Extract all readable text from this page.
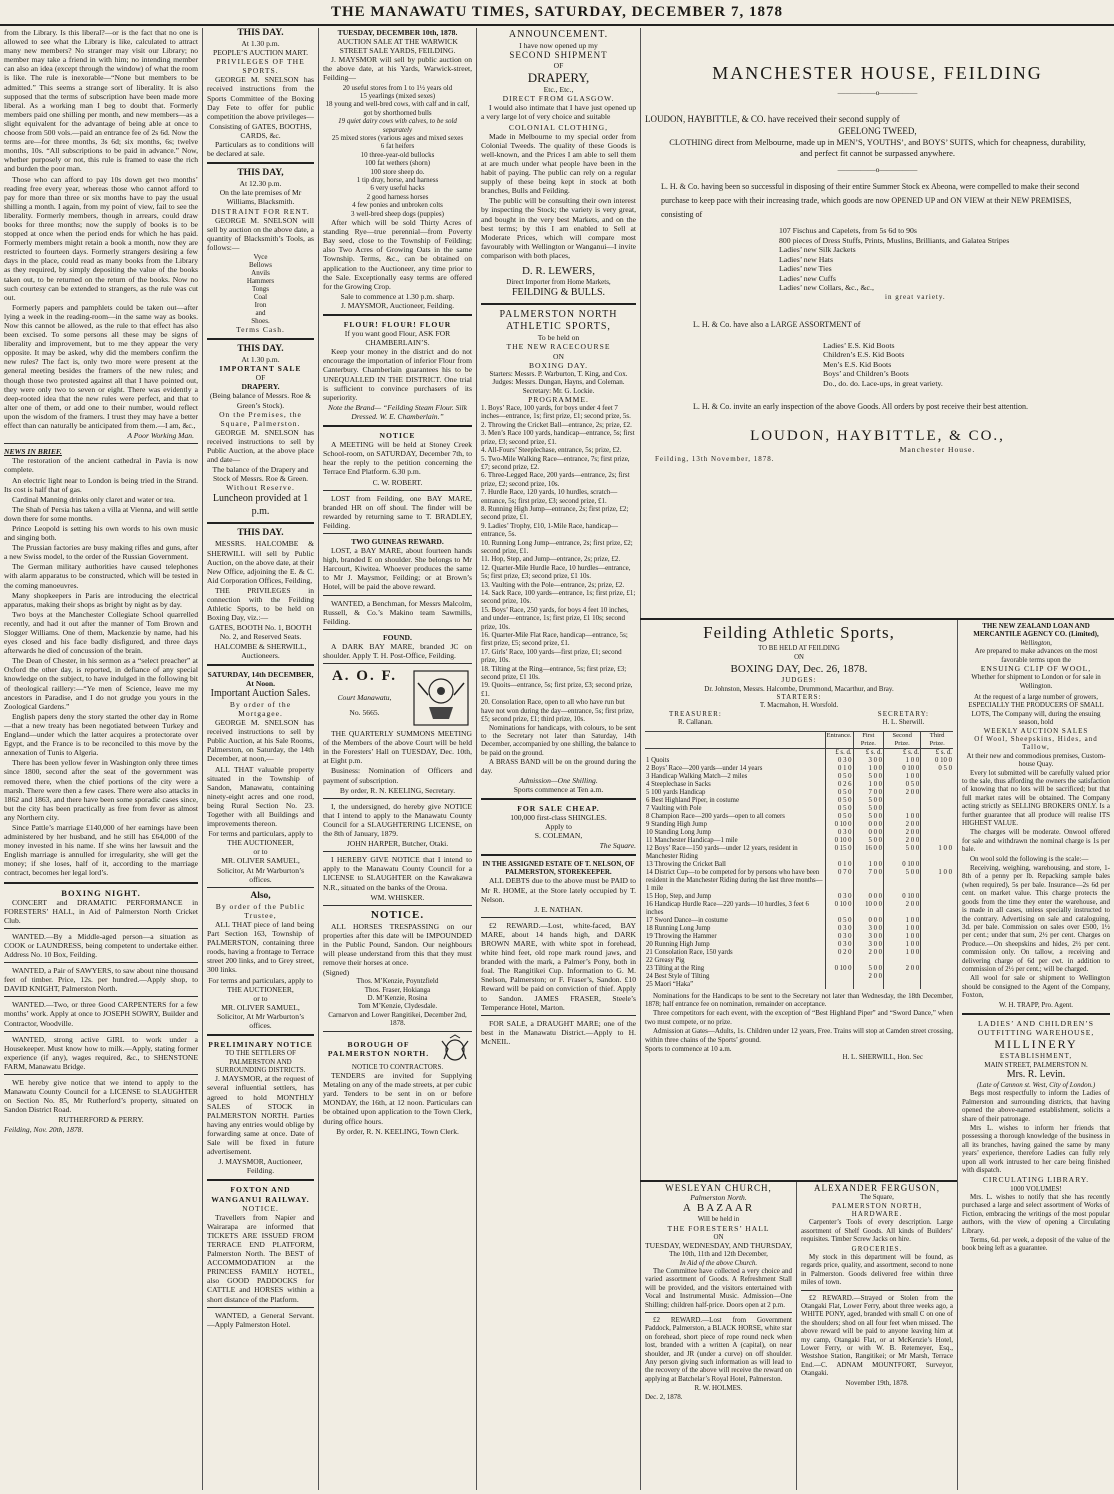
THE MANAWATU TIMES, SATURDAY, DECEMBER 7, 1878
from the Library. Is this liberal?—or is the fact that no one is allowed to see what the Library is like, calculated to attract many new members? No stranger may visit our Library; no member may take a friend in with him; no intending member can also an idea (except through the window) of what the room is like. The rule is inexorable—“None but members to be admitted.” This seems a strange sort of liberality. It is also supposed that the terms of subscription have been made more liberal. As a working man I beg to doubt that. Formerly members paid one shilling per month, and new members—as a slight equivalent for the advantage of being able at once to choose from 500 vols.—paid an entrance fee of 2s 6d. Now the terms are—for three months, 3s 6d; six months, 6s; twelve months, 10s. “All subscriptions to be paid in advance.” Now, whether purposely or not, this rule is framed to ease the rich and burden the poor man.
Those who can afford to pay 10s down get two months’ reading free every year, whereas those who cannot afford to pay for more than three or six months have to pay the usual shilling a month. I again, from my point of view, fail to see the liberality. Formerly members, though in arrears, could draw books for three months; now the supply of books is to be stopped at once when the period ends for which he has paid. Formerly members might retain a book a month, now they are restricted to fourteen days. Formerly strangers desiring a few days in the place, could read as many books from the Library as they required, by simply depositing the value of the books taken out, to be returned on the return of the books. Now no such courtesy can be extended to strangers, as the rule was cut out.
Formerly papers and pamphlets could be taken out—after lying a week in the reading-room—in the same way as books. Now this cannot be allowed, as the rule to that effect has also been excised. To some persons all these may be signs of liberality and improvement, but to me they appear the very opposite. It may be asked, why did the members confirm the new rules? The fact is, only two more were present at the general meeting besides the framers of the new rules; and though those two protested against all that I have pointed out, they were only two to seven or eight. There was evidently a deep-rooted idea that the new rules were perfect, and that to alter one of them, or add one to their number, would reflect upon the wisdom of the framers. I trust they may have a better effect than can naturally be anticipated from them.—I am, &c.,
A Poor Working Man.
NEWS IN BRIEF.
The restoration of the ancient cathedral in Pavia is now complete.
An electric light near to London is being tried in the Strand. Its cost is half that of gas.
Cardinal Manning drinks only claret and water or tea.
The Shah of Persia has taken a villa at Vienna, and will settle down there for some months.
Prince Leopold is setting his own words to his own music and singing both.
The Prussian factories are busy making rifles and guns, after a new Swiss model, to the order of the Russian Government.
The German military authorities have caused telephones with alarm apparatus to be constructed, which will be tested in the coming manoeuvres.
Many shopkeepers in Paris are introducing the electrical apparatus, making their shops as bright by night as by day.
Two boys at the Manchester Collegiate School quarrelled recently, and had it out after the manner of Tom Brown and Slogger Williams. One of them, Mackenzie by name, had his eyes closed and his face badly disfigured, and three days afterwards he died of concussion of the brain.
The Dean of Chester, in his sermon as a “select preacher” at Oxford the other day, is reported, in defiance of any special knowledge on the subject, to have indulged in the following bit of theological raillery:—“Ye men of Science, leave me my ancestors in Paradise, and I do not grudge you yours in the Zoological Gardens.”
English papers deny the story started the other day in Rome—that a new treaty has been negotiated between Turkey and England—under which the latter acquires a protectorate over Egypt, and the France is to be reconciled to this move by the annexation of Tunis to Algeria.
There has been yellow fever in Washington only three times since 1800, second after the seat of the government was removed there, when the chief portions of the city were a marsh. There were then a few cases. There were also attacks in 1862 and 1863, and there have been some sporadic cases since, but the city has been practically as free from fever as almost any Northern city.
Since Pattle’s marriage £140,000 of her earnings have been administered by her husband, and he still has £64,000 of the money invested in his name. If she wins her lawsuit and the English marriage is annulled for irregularity, she will get the money; if she loses, half of it, according to the marriage contract, becomes her legal lord’s.
BOXING NIGHT.
CONCERT and DRAMATIC PERFORMANCE in FORESTERS’ HALL, in Aid of Palmerston North Cricket Club.
WANTED.—By a Middle-aged person—a situation as COOK or LAUNDRESS, being competent to undertake either. Address No. 10 Box, Feilding.
WANTED, a Pair of SAWYERS, to saw about nine thousand feet of timber. Price, 12s. per hundred.—Apply shop, to DAVID KNIGHT, Palmerston North.
WANTED.—Two, or three Good CARPENTERS for a few months’ work. Apply at once to JOSEPH SOWRY, Builder and Contractor, Woodville.
WANTED, strong active GIRL to work under a Housekeeper. Must know how to milk.—Apply, stating former experience (if any), wages required, &c., to SHENSTONE FARM, Manawatu Bridge.
WE hereby give notice that we intend to apply to the Manawatu County Council for a LICENSE to SLAUGHTER on Section No. 85, Mr Rutherford’s property, situated on Sandon District Road.
RUTHERFORD & PERRY.
Feilding, Nov. 20th, 1878.
THIS DAY.
At 1.30 p.m.
PEOPLE’S AUCTION MART.
PRIVILEGES OF THE SPORTS.
GEORGE M. SNELSON has received instructions from the Sports Committee of the Boxing Day Fete to offer for public competition the above privileges—
Consisting of GATES, BOOTHS, CARDS, &c.
Particulars as to conditions will be declared at sale.
THIS DAY,
At 12.30 p.m.
On the late premises of Mr Williams, Blacksmith.
DISTRAINT FOR RENT.
GEORGE M. SNELSON will sell by auction on the above date, a quantity of Blacksmith’s Tools, as follows:—
Vyce
Bellows
Anvils
Hammers
Tongs
Coal
Iron
and
Shoes.
Terms Cash.
THIS DAY.
At 1.30 p.m.
IMPORTANT SALE
OF
DRAPERY.
(Being balance of Messrs. Roe & Green’s Stock).
On the Premises, the Square, Palmerston.
GEORGE M. SNELSON has received instructions to sell by Public Auction, at the above place and date—
The balance of the Drapery and Stock of Messrs. Roe & Green.
Without Reserve.
Luncheon provided at 1 p.m.
THIS DAY.
MESSRS. HALCOMBE & SHERWILL will sell by Public Auction, on the above date, at their New Office, adjoining the E. & C. Aid Corporation Offices, Feilding,
THE PRIVILEGES in connection with the Feilding Athletic Sports, to be held on Boxing Day, viz.:—
GATES, BOOTH No. 1, BOOTH No. 2, and Reserved Seats.
HALCOMBE & SHERWILL, Auctioneers.
SATURDAY, 14th DECEMBER, At Noon.
Important Auction Sales.
By order of the Mortgagee.
GEORGE M. SNELSON has received instructions to sell by Public Auction, at his Sale Rooms, Palmerston, on Saturday, the 14th December, at noon,—
ALL THAT valuable property situated in the Township of Sandon, Manawatu, containing ninety-eight acres and one rood, being Rural Section No. 23. Together with all Buildings and improvements thereon.
For terms and particulars, apply to THE AUCTIONEER,
or to
MR. OLIVER SAMUEL, Solicitor, At Mr Warburton’s offices.
Also,
By order of the Public Trustee,
ALL THAT piece of land being Part Section 163, Township of PALMERSTON, containing three roods, having a frontage to Terrace street 200 links, and to Grey street, 300 links.
For terms and particulars, apply to THE AUCTIONEER,
or to
MR. OLIVER SAMUEL, Solicitor, At Mr Warburton’s offices.
PRELIMINARY NOTICE
TO THE SETTLERS OF PALMERSTON AND SURROUNDING DISTRICTS.
J. MAYSMOR, at the request of several influential settlers, has agreed to hold MONTHLY SALES of STOCK in PALMERSTON NORTH. Parties having any entries would oblige by forwarding same at once. Date of Sale will be fixed in future advertisement.
J. MAYSMOR, Auctioneer, Feilding.
FOXTON AND WANGANUI RAILWAY.
NOTICE.
Travellers from Napier and Wairarapa are informed that TICKETS ARE ISSUED FROM TERRACE END PLATFORM, Palmerston North. The BEST of ACCOMMODATION at the PRINCESS FAMILY HOTEL, also GOOD PADDOCKS for CATTLE and HORSES within a short distance of the Platform.
WANTED, a General Servant.—Apply Palmerston Hotel.
TUESDAY, DECEMBER 10th, 1878.
AUCTION SALE AT THE WARWICK STREET SALE YARDS, FEILDING.
J. MAYSMOR will sell by public auction on the above date, at his Yards, Warwick-street, Feilding—
20 useful stores from 1 to 1½ years old
15 yearlings (mixed sexes)
18 young and well-bred cows, with calf and in calf, got by shorthorned bulls
19 quiet dairy cows with calves, to be sold separately
25 mixed stores (various ages and mixed sexes
6 fat heifers
10 three-year-old bullocks
100 fat wethers (shorn)
100 store sheep do.
1 tip dray, horse, and harness
6 very useful hacks
2 good harness horses
4 few ponies and unbroken colts
3 well-bred sheep dogs (puppies)
After which will be sold Thirty Acres of standing Rye—true perennial—from Poverty Bay seed, close to the Township of Feilding; also Two Acres of Growing Oats in the same Township. Terms, &c., can be obtained on application to the Auctioneer, any time prior to the Sale. Exceptionally easy terms are offered for the Growing Crop.
Sale to commence at 1.30 p.m. sharp.
J. MAYSMOR, Auctioneer, Feilding.
FLOUR! FLOUR! FLOUR
If you want good Flour, ASK FOR CHAMBERLAIN’S.
Keep your money in the district and do not encourage the importation of inferior Flour from Canterbury. Chamberlain guarantees his to be UNEQUALLED IN THE DISTRICT. One trial is sufficient to convince purchasers of its superiority.
Note the Brand— “Feilding Steam Flour. Silk Dressed. W. E. Chamberlain.”
NOTICE
A MEETING will be held at Stoney Creek School-room, on SATURDAY, December 7th, to hear the reply to the petition concerning the Terrace End Platform. 6.30 p.m.
C. W. ROBERT.
LOST from Feilding, one BAY MARE, branded HR on off shoul. The finder will be rewarded by returning same to T. BRADLEY, Feilding.
TWO GUINEAS REWARD.
LOST, a BAY MARE, about fourteen hands high, branded E on shoulder. She belongs to Mr Harcourt, Kiwitea. Whoever produces the same to Mr J. Maysmor, Feilding; or at Brown’s Hotel, will be paid the above reward.
WANTED, a Benchman, for Messrs Malcolm, Russell, & Co.’s Makino team Sawmills, Feilding.
FOUND.
A DARK BAY MARE, branded JC on shoulder. Apply T. H. Post-Office, Feilding.
A. O. F.
Court Manawatu,
No. 5665.
THE QUARTERLY SUMMONS MEETING of the Members of the above Court will be held in the Foresters’ Hall on TUESDAY, Dec. 10th, at Eight p.m.
Business: Nomination of Officers and payment of subscription.
By order, R. N. KEELING, Secretary.
I, the undersigned, do hereby give NOTICE that I intend to apply to the Manawatu County Council for a SLAUGHTERING LICENSE, on the 8th of January, 1879.
JOHN HARPER, Butcher, Otaki.
I HEREBY GIVE NOTICE that I intend to apply to the Manawatu County Council for a LICENSE to SLAUGHTER on the Kawakawa N.R., situated on the banks of the Oroua.
WM. WHISKER.
NOTICE.
ALL HORSES TRESPASSING on our properties after this date will be IMPOUNDED in the Public Pound, Sandon. Our neighbours will please understand from this that they must remove their horses at once.
(Signed)
Thos. M’Kenzie, Poyntzfield
Thos. Fraser, Hokianga
D. M’Kenzie, Rosina
Tom M’Kenzie, Clydesdale.
Carnarvon and Lower Rangitikei, December 2nd, 1878.
BOROUGH OF PALMERSTON NORTH.
NOTICE TO CONTRACTORS.
TENDERS are invited for Supplying Metaling on any of the made streets, at per cubic yard. Tenders to be sent in on or before MONDAY, the 16th, at 12 noon. Particulars can be obtained upon application to the Town Clerk, during office hours.
By order, R. N. KEELING, Town Clerk.
ANNOUNCEMENT.
I have now opened up my
SECOND SHIPMENT
OF
DRAPERY,
Etc., Etc.,
DIRECT FROM GLASGOW.
I would also intimate that I have just opened up a very large lot of very choice and suitable
COLONIAL CLOTHING,
Made in Melbourne to my special order from Colonial Tweeds. The quality of these Goods is well-known, and the Prices I am able to sell them at are much under what people have been in the habit of paying. The public can rely on a regular supply of these being kept in stock at both branches, Bulls and Feilding.
The public will be consulting their own interest by inspecting the Stock; the variety is very great, and bought in the very best Markets, and on the best terms; by this I am enabled to Sell at Moderate Prices, which will compare most favourably with Wellington or Wanganui—I invite comparison with both places,
D. R. LEWERS,
Direct Importer from Home Markets,
FEILDING & BULLS.
PALMERSTON NORTH ATHLETIC SPORTS,
To be held on
THE NEW RACECOURSE
ON
BOXING DAY.
Starters: Messrs. P. Warburton, T. King, and Cox.
Judges: Messrs. Dungan, Hayns, and Coleman.
Secretary: Mr. G. Lockie.
PROGRAMME.
1. Boys’ Race, 100 yards, for boys under 4 feet 7 inches—entrance, 1s; first prize, £1; second prize, 5s.
2. Throwing the Cricket Ball—entrance, 2s; prize, £2.
3. Men’s Race 100 yards, handicap—entrance, 5s; first prize, £3; second prize, £1.
4. All-Fours’ Steeplechase, entrance, 5s; prize, £2.
5. Two-Mile Walking Race—entrance, 7s; first prize, £7; second prize, £2.
6. Three-Legged Race, 200 yards—entrance, 2s; first prize, £2; second prize, 10s.
7. Hurdle Race, 120 yards, 10 hurdles, scratch—entrance, 5s; first prize, £3; second prize, £1.
8. Running High Jump—entrance, 2s; first prize, £2; second prize, £1.
9. Ladies’ Trophy, £10, 1-Mile Race, handicap—entrance, 5s.
10. Running Long Jump—entrance, 2s; first prize, £2; second prize, £1.
11. Hop, Step, and Jump—entrance, 2s; prize, £2.
12. Quarter-Mile Hurdle Race, 10 hurdles—entrance, 5s; first prize, £3; second prize, £1 10s.
13. Vaulting with the Pole—entrance, 2s; prize, £2.
14. Sack Race, 100 yards—entrance, 1s; first prize, £1; second prize, 10s.
15. Boys’ Race, 250 yards, for boys 4 feet 10 inches, and under—entrance, 1s; first prize, £1 10s; second prize, 10s.
16. Quarter-Mile Flat Race, handicap—entrance, 5s; first prize, £5; second prize, £1.
17. Girls’ Race, 100 yards—first prize, £1; second prize, 10s.
18. Tilting at the Ring—entrance, 5s; first prize, £3; second prize, £1 10s.
19. Quoits—entrance, 5s; first prize, £3; second prize, £1.
20. Consolation Race, open to all who have run but have not won during the day—entrance, 5s; first prize, £5; second prize, £1; third prize, 10s.
Nominations for handicaps, with colours, to be sent to the Secretary not later than Saturday, 14th December, accompanied by one shilling, the balance to be paid on the ground.
A BRASS BAND will be on the ground during the day.
Admission—One Shilling.
Sports commence at Ten a.m.
FOR SALE CHEAP.
100,000 first-class SHINGLES.
Apply to
S. COLEMAN,
The Square.
IN THE ASSIGNED ESTATE OF T. NELSON, OF PALMERSTON, STOREKEEPER.
ALL DEBTS due to the above must be PAID to Mr R. HOME, at the Store lately occupied by T. Nelson.
J. E. NATHAN.
£2 REWARD.—Lost, white-faced, BAY MARE, about 14 hands high, and DARK BROWN MARE, with white spot in forehead, white hind feet, old rope mark round jaws, and branded with the mark, a Palmer’s Pony, both in foal. The Rangitikei Cup. Information to G. M. Snelson, Palmerston; or F. Fraser’s, Sandon. £10 Reward will be paid on conviction of thief. Apply to Sandon. JAMES FRASER, Steele’s Temperance Hotel, Marton.
FOR SALE, a DRAUGHT MARE; one of the best in the Manawatu District.—Apply to H. McNEIL.
MANCHESTER HOUSE, FEILDING
—————o—————
LOUDON, HAYBITTLE, & CO. have received their second supply of
GEELONG TWEED,
CLOTHING direct from Melbourne, made up in MEN’S, YOUTHS’, and BOYS’ SUITS, which for cheapness, durability, and perfect fit cannot be surpassed anywhere.
—————o—————
L. H. & Co. having been so successful in disposing of their entire Summer Stock ex Abeona, were compelled to make their second purchase to keep pace with their increasing trade, which goods are now OPENED UP and ON VIEW at their NEW PREMISES, consisting of
107 Fischus and Capelets, from 5s 6d to 90s
800 pieces of Dress Stuffs, Prints, Muslins, Brilliants, and Galatea Stripes
Ladies’ new Silk Jackets
Ladies’ new Hats
Ladies’ new Ties
Ladies’ new Cuffs
Ladies’ new Collars, &c., &c.,
in great variety.
L. H. & Co. have also a LARGE ASSORTMENT of
Ladies’ E.S. Kid Boots
Children’s E.S. Kid Boots
Men’s E.S. Kid Boots
Boys’ and Children’s Boots
Do., do. do. Lace-ups, in great variety.
L. H. & Co. invite an early inspection of the above Goods. All orders by post receive their best attention.
LOUDON, HAYBITTLE, & CO.,
Manchester House.
Feilding, 13th November, 1878.
Feilding Athletic Sports,
TO BE HELD AT FEILDING
ON
BOXING DAY, Dec. 26, 1878.
JUDGES:
Dr. Johnston, Messrs. Halcombe, Drummond, Macarthur, and Bray.
STARTERS:
T. Macmahon, H. Worsfold.
TREASURER:
R. Callanan.
SECRETARY:
H. L. Sherwill.
	Entrance.	First Prize.	Second Prize.	Third Prize.
	£ s. d.	£ s. d.	£ s. d.	£ s. d.
1 Quoits	0 3 0	3 0 0	1 0 0	0 10 0
2 Boys’ Race—200 yards—under 14 years	0 1 0	1 0 0	0 10 0	0 5 0
3 Handicap Walking Match—2 miles	0 5 0	5 0 0	1 0 0	
4 Steeplechase in Sacks	0 2 6	1 0 0	0 5 0	
5 100 yards Handicap	0 5 0	7 0 0	2 0 0	
6 Best Highland Piper, in costume	0 5 0	5 0 0		
7 Vaulting with Pole	0 5 0	5 0 0		
8 Champion Race—200 yards—open to all comers	0 5 0	5 0 0	1 0 0	
9 Standing High Jump	0 10 0	0 0 0	2 0 0	
10 Standing Long Jump	0 3 0	0 0 0	2 0 0	
11 Manchester Handicap—1 mile	0 10 0	5 0 0	2 0 0	
12 Boys’ Race—150 yards—under 12 years, resident in Manchester Riding	0 15 0	16 0 0	5 0 0	1 0 0
13 Throwing the Cricket Ball	0 1 0	1 0 0	0 10 0	
14 District Cup—to be competed for by persons who have been resident in the Manchester Riding during the last three months—1 mile	0 7 0	7 0 0	5 0 0	1 0 0
15 Hop, Step, and Jump	0 3 0	0 0 0	0 10 0	
16 Handicap Hurdle Race—220 yards—10 hurdles, 3 feet 6 inches	0 10 0	10 0 0	2 0 0	
17 Sword Dance—in costume	0 5 0	0 0 0	1 0 0	
18 Running Long Jump	0 3 0	3 0 0	1 0 0	
19 Throwing the Hammer	0 3 0	3 0 0	1 0 0	
20 Running High Jump	0 3 0	3 0 0	1 0 0	
21 Consolation Race, 150 yards	0 2 0	2 0 0	1 0 0	
22 Greasy Pig				
23 Tilting at the Ring	0 10 0	5 0 0	2 0 0	
24 Best Style of Tilting		2 0 0		
25 Maori “Haka”				
Nominations for the Handicaps to be sent to the Secretary not later than Wednesday, the 18th December, 1878; half entrance fee on nomination, remainder on acceptance.
Three competitors for each event, with the exception of “Best Highland Piper” and “Sword Dance,” when two must compete, or no prize.
Admission at Gates—Adults, 1s. Children under 12 years, Free. Trains will stop at Camden street crossing, within three chains of the Sports’ ground.
Sports to commence at 10 a.m.
H. L. SHERWILL, Hon. Sec
THE NEW ZEALAND LOAN AND MERCANTILE AGENCY CO. (Limited),
Wellington,
Are prepared to make advances on the most favorable terms upon the
ENSUING CLIP OF WOOL,
Whether for shipment to London or for sale in Wellington.
At the request of a large number of growers, ESPECIALLY THE PRODUCERS OF SMALL LOTS, The Company will, during the ensuing season, hold
WEEKLY AUCTION SALES
Of Wool, Sheepskins, Hides, and Tallow,
At their new and commodious premises, Custom-house Quay.
Every lot submitted will be carefully valued prior to the sale, thus affording the owners the satisfaction of knowing that no lots will be sacrificed; but that full market rates will be obtained. The Company acting strictly as SELLING BROKERS ONLY. Is a further guarantee that all produce will realise ITS HIGHEST VALUE.
The charges will be moderate. Onwool offered for sale and withdrawn the nominal charge is 1s per bale.
On wool sold the following is the scale:—
Receiving, weighing, warehousing, and store, 1-8th of a penny per lb. Repacking sample bales (when required), 5s per bale. Insurance—2s 6d per cent. on market value. This charge protects the goods from the time they enter the warehouse, and is made in all cases, unless specially instructed to the contrary. Advertising on sale and cataloguing, 3d. per bale. Commission on sales over £500, 1½ per cent.; under that sum, 2½ per cent. Charges on Produce.—On sheepskins and hides, 2½ per cent. commission only. On tallow, a receiving and delivering charge of 6d per cwt. in addition to commission of 2½ per cent.; will be charged.
All wool for sale or shipment to Wellington should be consigned to the Agent of the Company, Foxton,
W. H. TRAPP, Pro. Agent.
LADIES’ AND CHILDREN’S OUTFITTING WAREHOUSE,
MILLINERY
ESTABLISHMENT,
MAIN STREET, PALMERSTON N.
Mrs. R. Levin.
(Late of Cannon st. West, City of London.)
Begs most respectfully to inform the Ladies of Palmerston and surrounding districts, that having opened the above-named establishment, solicits a share of their patronage.
Mrs L. wishes to inform her friends that possessing a thorough knowledge of the business in all its branches, having gained the same by many years’ experience, therefore Ladies can fully rely upon all work intrusted to her care being finished with dispatch.
CIRCULATING LIBRARY.
1000 VOLUMES!
Mrs. L. wishes to notify that she has recently purchased a large and select assortment of Works of Fiction, embracing the writings of the most popular authors, with the view of opening a Circulating Library.
Terms, 6d. per week, a deposit of the value of the book being left as a guarantee.
WESLEYAN CHURCH,
Palmerston North.
A BAZAAR
Will be held in
THE FORESTERS’ HALL
ON
TUESDAY, WEDNESDAY, AND THURSDAY,
The 10th, 11th and 12th December,
In Aid of the above Church.
The Committee have collected a very choice and varied assortment of Goods. A Refreshment Stall will be provided, and the visitors entertained with Vocal and Instrumental Music. Admission—One Shilling; children half-price. Doors open at 2 p.m.
£2 REWARD.—Lost from Government Paddock, Palmerston, a BLACK HORSE, white star on forehead, short piece of rope round neck when lost, branded with a written A (capital), on near shoulder, and JR (under a curve) on off shoulder. Any person giving such information as will lead to the recovery of the above will receive the reward on applying at Batchelar’s Royal Hotel, Palmerston.
R. W. HOLMES.
Dec. 2, 1878.
ALEXANDER FERGUSON,
The Square,
PALMERSTON NORTH,
HARDWARE.
Carpenter’s Tools of every description. Large assortment of Shelf Goods. All kinds of Builders’ requisites. Timber Screw Jacks on hire.
GROCERIES.
My stock in this department will be found, as regards price, quality, and assortment, second to none in Palmerston. Goods delivered free within three miles of town.
£2 REWARD.—Strayed or Stolen from the Otangaki Flat, Lower Ferry, about three weeks ago, a WHITE PONY, aged, branded with small C on one of the shoulders; shod on all four feet when missed. The above reward will be paid to anyone leaving him at my camp, Otangaki Flat, or at McKenzie’s Hotel, Lower Ferry, or with W. B. Retemeyer, Esq., Westshoe Station, Rangitikei; or Mr Marsh, Terrace End.—C. ADNAM MOUNTFORT, Surveyor, Otangaki.
November 19th, 1878.
